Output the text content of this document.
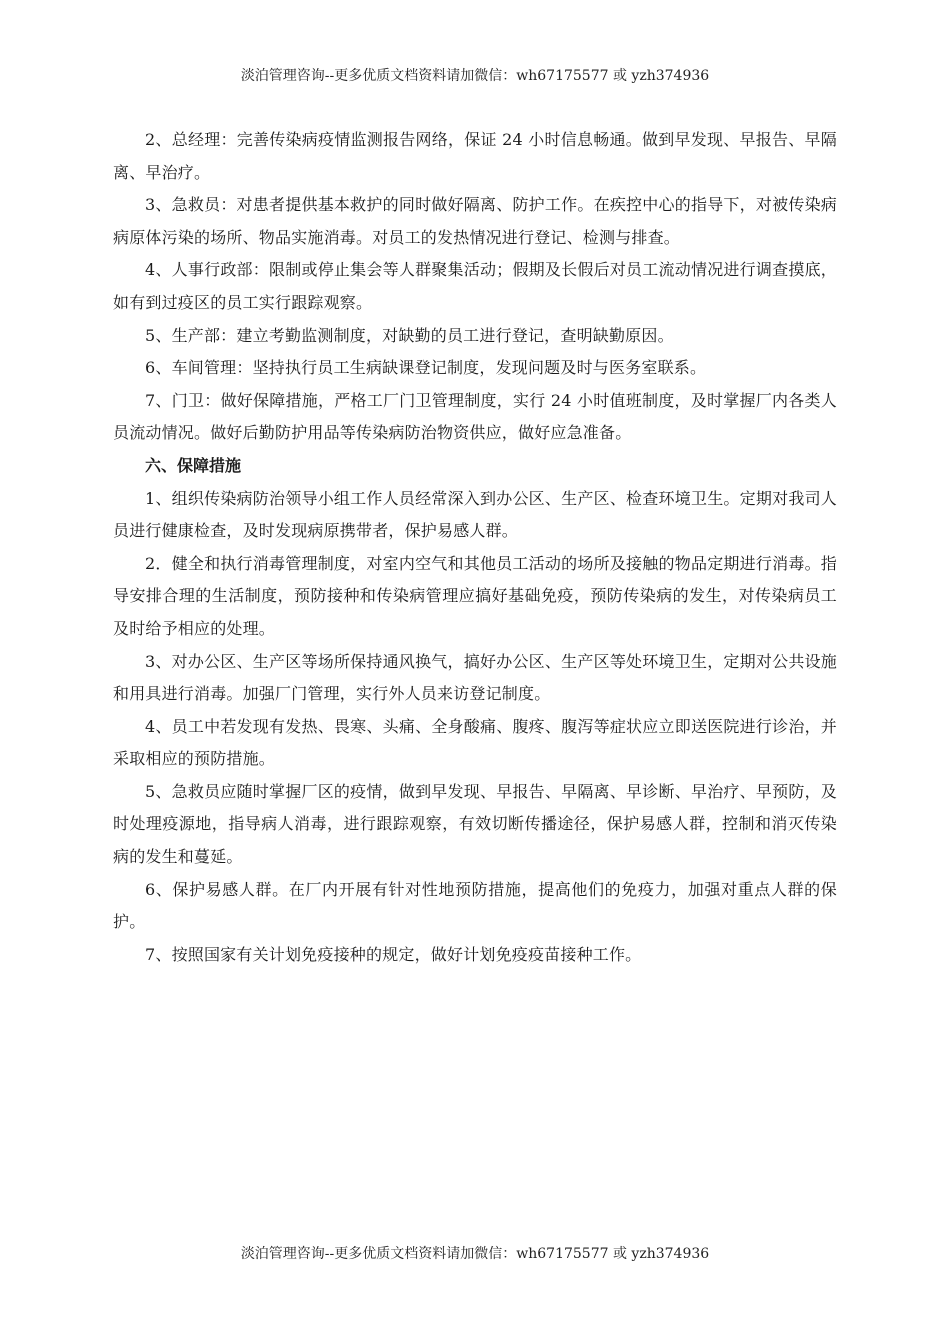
淡泊管理咨询--更多优质文档资料请加微信：wh67175577 或 yzh374936

2、总经理：完善传染病疫情监测报告网络，保证 24 小时信息畅通。做到早发现、早报告、早隔离、早治疗。

3、急救员：对患者提供基本救护的同时做好隔离、防护工作。在疾控中心的指导下，对被传染病病原体污染的场所、物品实施消毒。对员工的发热情况进行登记、检测与排查。

4、人事行政部：限制或停止集会等人群聚集活动；假期及长假后对员工流动情况进行调查摸底，如有到过疫区的员工实行跟踪观察。

5、生产部：建立考勤监测制度，对缺勤的员工进行登记，查明缺勤原因。

6、车间管理：坚持执行员工生病缺课登记制度，发现问题及时与医务室联系。

7、门卫：做好保障措施，严格工厂门卫管理制度，实行 24 小时值班制度，及时掌握厂内各类人员流动情况。做好后勤防护用品等传染病防治物资供应，做好应急准备。

六、保障措施

1、组织传染病防治领导小组工作人员经常深入到办公区、生产区、检查环境卫生。定期对我司人员进行健康检查，及时发现病原携带者，保护易感人群。

2．健全和执行消毒管理制度，对室内空气和其他员工活动的场所及接触的物品定期进行消毒。指导安排合理的生活制度，预防接种和传染病管理应搞好基础免疫，预防传染病的发生，对传染病员工及时给予相应的处理。

3、对办公区、生产区等场所保持通风换气，搞好办公区、生产区等处环境卫生，定期对公共设施和用具进行消毒。加强厂门管理，实行外人员来访登记制度。

4、员工中若发现有发热、畏寒、头痛、全身酸痛、腹疼、腹泻等症状应立即送医院进行诊治，并采取相应的预防措施。

5、急救员应随时掌握厂区的疫情，做到早发现、早报告、早隔离、早诊断、早治疗、早预防，及时处理疫源地，指导病人消毒，进行跟踪观察，有效切断传播途径，保护易感人群，控制和消灭传染病的发生和蔓延。

6、保护易感人群。在厂内开展有针对性地预防措施，提高他们的免疫力，加强对重点人群的保护。

7、按照国家有关计划免疫接种的规定，做好计划免疫疫苗接种工作。

淡泊管理咨询--更多优质文档资料请加微信：wh67175577 或 yzh374936
